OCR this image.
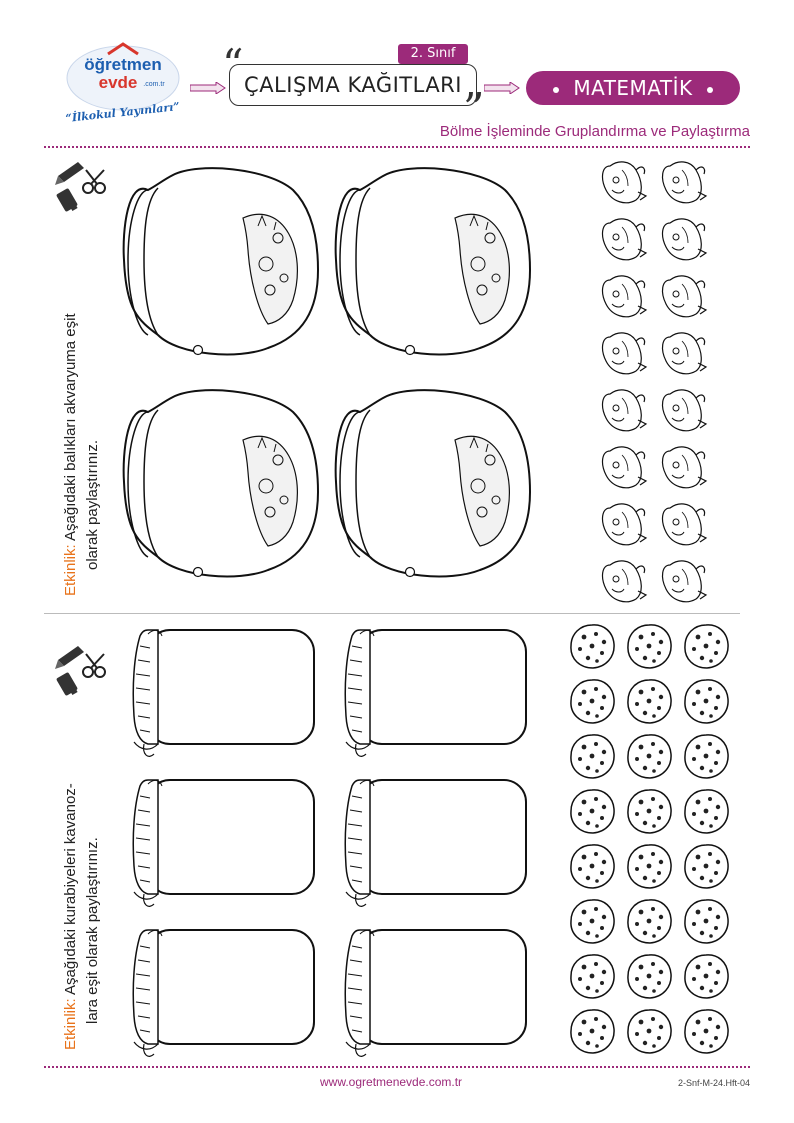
öğretmen
evde .com.tr
“İlkokul Yayınları”
“	2. Sınıf
ÇALIŞMA KAĞITLARI ”	MATEMATİK
Bölme İşleminde Gruplandırma ve Paylaştırma
Etkinlik: Aşağıdaki balıkları akvaryuma eşit olarak paylaştırınız.
Etkinlik: Aşağıdaki kurabiyeleri kavanoz- lara eşit olarak paylaştırınız.
www.ogretmenevde.com.tr	2-Snf-M-24.Hft-04
